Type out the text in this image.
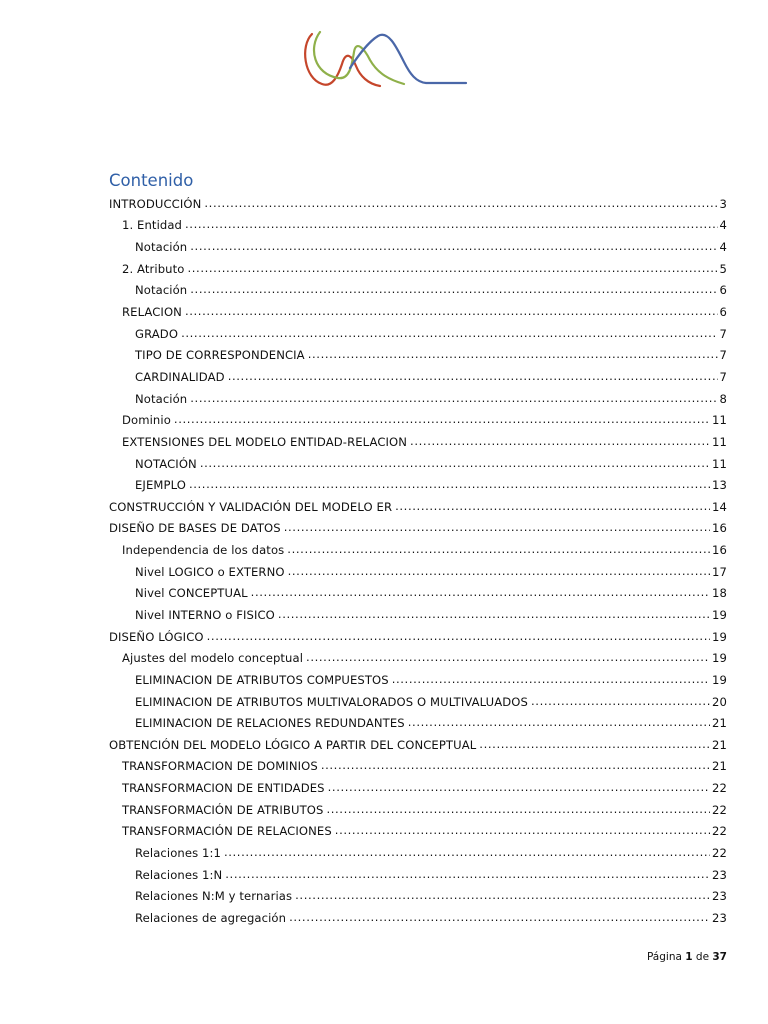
Contenido
INTRODUCCIÓN .....	3
1. Entidad .....	4
Notación .....	4
2. Atributo .....	5
Notación .....	6
RELACION .....	6
GRADO .....	7
TIPO DE CORRESPONDENCIA .....	7
CARDINALIDAD .....	7
Notación .....	8
Dominio .....	11
EXTENSIONES DEL MODELO ENTIDAD-RELACION .....	11
NOTACIÓN .....	11
EJEMPLO .....	13
CONSTRUCCIÓN Y VALIDACIÓN DEL MODELO ER .....	14
DISEÑO DE BASES DE DATOS .....	16
Independencia de los datos .....	16
Nivel LOGICO o EXTERNO .....	17
Nivel CONCEPTUAL .....	18
Nivel INTERNO o FISICO .....	19
DISEÑO LÓGICO .....	19
Ajustes del modelo conceptual .....	19
ELIMINACION DE ATRIBUTOS COMPUESTOS .....	19
ELIMINACION DE ATRIBUTOS MULTIVALORADOS O MULTIVALUADOS .....	20
ELIMINACION DE RELACIONES REDUNDANTES .....	21
OBTENCIÓN DEL MODELO LÓGICO A PARTIR DEL CONCEPTUAL .....	21
TRANSFORMACION DE DOMINIOS .....	21
TRANSFORMACION DE ENTIDADES .....	22
TRANSFORMACIÓN DE ATRIBUTOS .....	22
TRANSFORMACIÓN DE RELACIONES .....	22
Relaciones 1:1 .....	22
Relaciones 1:N .....	23
Relaciones N:M y ternarias .....	23
Relaciones de agregación .....	23
Página 1 de 37
